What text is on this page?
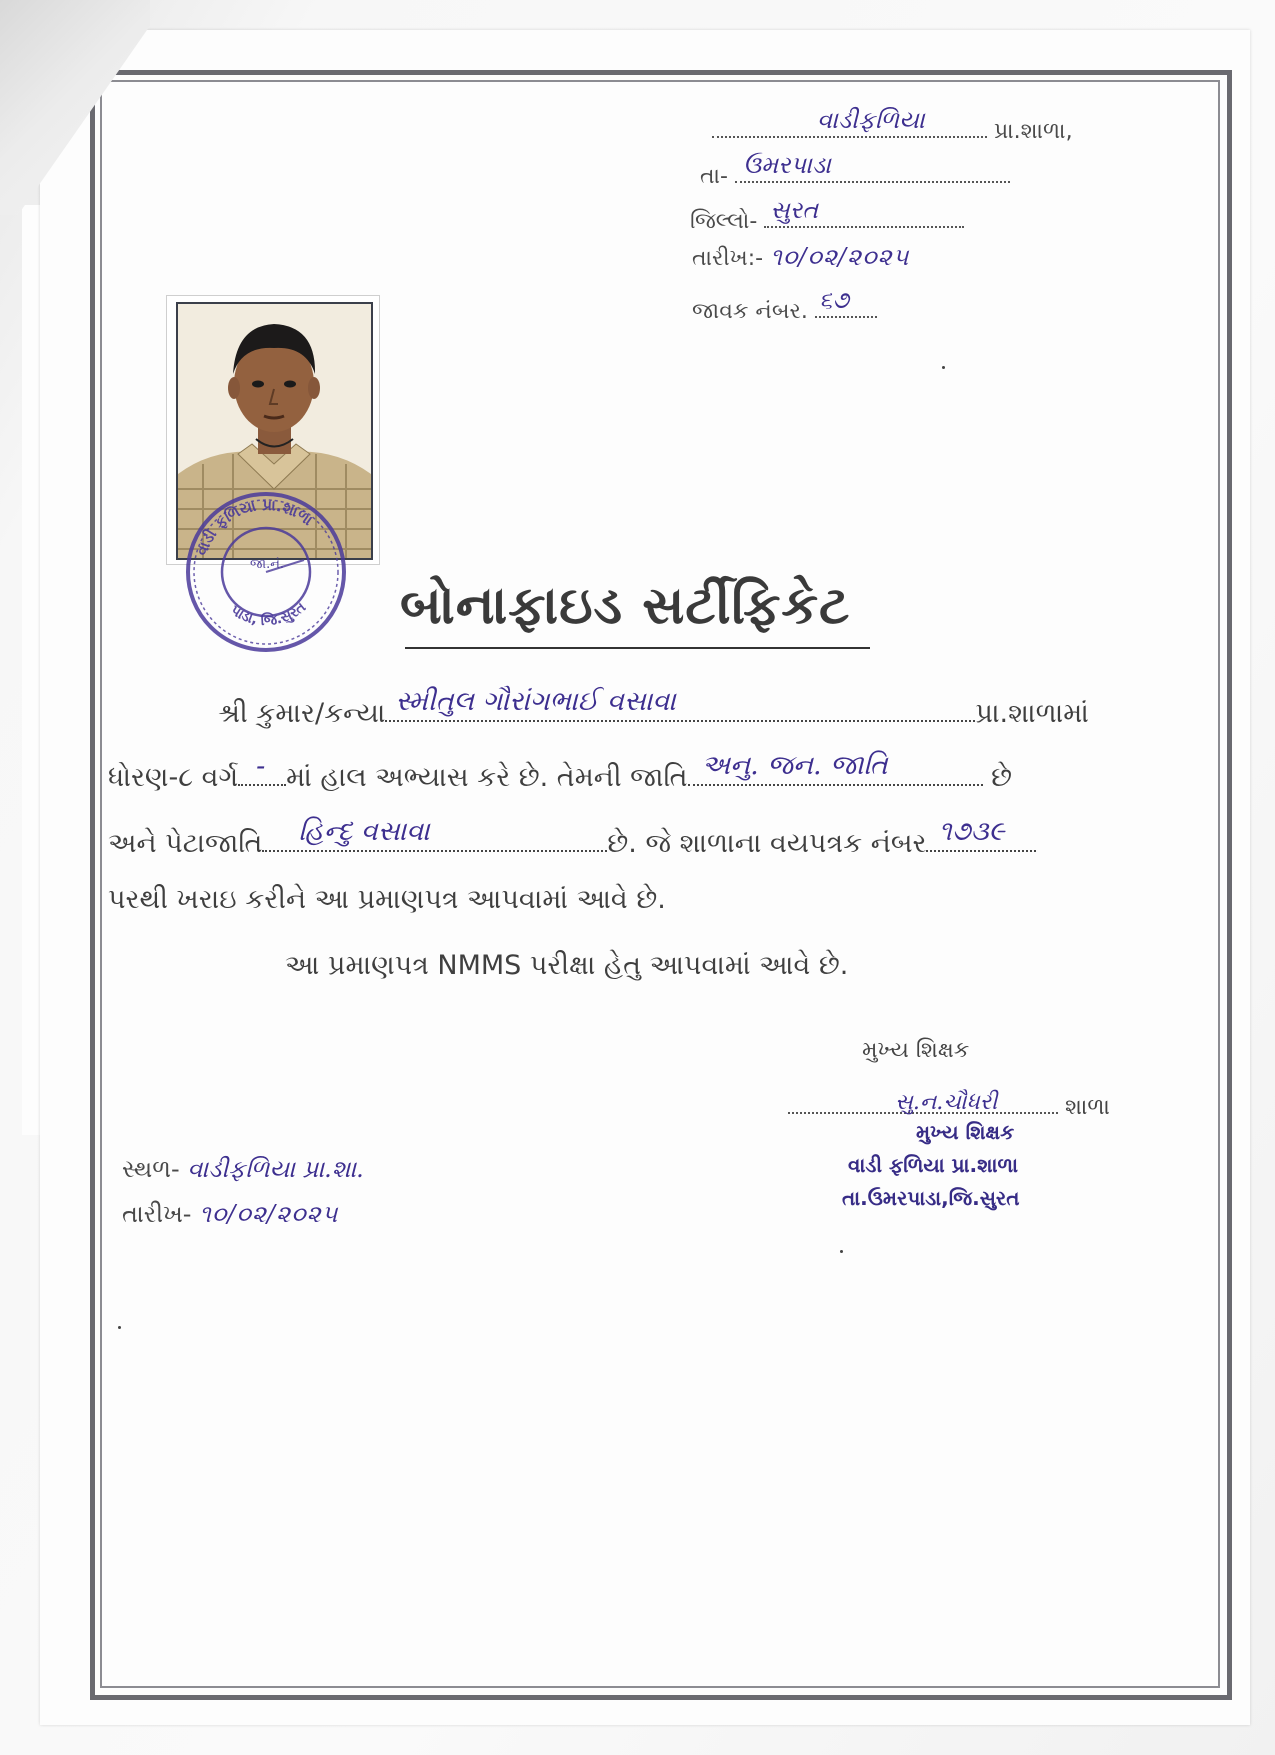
વાડીફળિયા	પ્રા.શાળા,
તા- ઉમરપાડા
જિલ્લો- સુરત
તારીખ:- ૧૦/૦૨/૨૦૨૫
જાવક નંબર. ૬૭
વાડી ફળિયા પ્રા.શાળા
પાડા, જિ.સુરત
જા.નં.
બોનાફાઇડ સર્ટીફિકેટ
શ્રી કુમાર/કન્યા સ્મીતુલ ગૌરાંગભાઈ વસાવા	પ્રા.શાળામાં
ધોરણ-૮ વર્ગ - માં હાલ અભ્યાસ કરે છે. તેમની જાતિ અનુ. જન. જાતિ	છે
અને પેટાજાતિ હિન્દુ વસાવા	છે. જે શાળાના વયપત્રક નંબર ૧૭૩૯
પરથી ખરાઇ કરીને આ પ્રમાણપત્ર આપવામાં આવે છે.
આ પ્રમાણપત્ર NMMS પરીક્ષા હેતુ આપવામાં આવે છે.
મુખ્ય શિક્ષક
શાળા
સુ.ન.ચૌધરી
મુખ્ય શિક્ષક
વાડી ફળિયા પ્રા.શાળા
તા.ઉમરપાડા,જિ.સુરત
સ્થળ- વાડીફળિયા પ્રા.શા.
તારીખ- ૧૦/૦૨/૨૦૨૫
